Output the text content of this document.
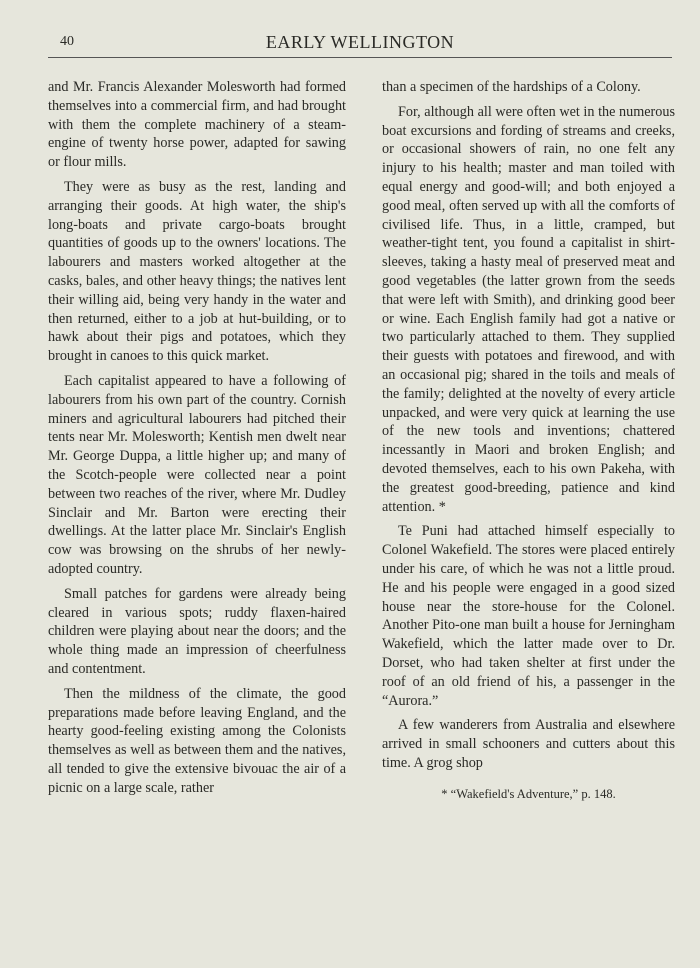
40	EARLY WELLINGTON

and Mr. Francis Alexander Molesworth had formed themselves into a commercial firm, and had brought with them the complete machinery of a steam-engine of twenty horse power, adapted for sawing or flour mills.

They were as busy as the rest, landing and arranging their goods. At high water, the ship's long-boats and private cargo-boats brought quantities of goods up to the owners' locations. The labourers and masters worked altogether at the casks, bales, and other heavy things; the natives lent their willing aid, being very handy in the water and then returned, either to a job at hut-building, or to hawk about their pigs and potatoes, which they brought in canoes to this quick market.

Each capitalist appeared to have a following of labourers from his own part of the country. Cornish miners and agricultural labourers had pitched their tents near Mr. Molesworth; Kentish men dwelt near Mr. George Duppa, a little higher up; and many of the Scotch-people were collected near a point between two reaches of the river, where Mr. Dudley Sinclair and Mr. Barton were erecting their dwellings. At the latter place Mr. Sinclair's English cow was browsing on the shrubs of her newly-adopted country.

Small patches for gardens were already being cleared in various spots; ruddy flaxen-haired children were playing about near the doors; and the whole thing made an impression of cheerfulness and contentment.

Then the mildness of the climate, the good preparations made before leaving England, and the hearty good-feeling existing among the Colonists themselves as well as between them and the natives, all tended to give the extensive bivouac the air of a picnic on a large scale, rather

than a specimen of the hardships of a Colony.

For, although all were often wet in the numerous boat excursions and fording of streams and creeks, or occasional showers of rain, no one felt any injury to his health; master and man toiled with equal energy and good-will; and both enjoyed a good meal, often served up with all the comforts of civilised life. Thus, in a little, cramped, but weather-tight tent, you found a capitalist in shirt-sleeves, taking a hasty meal of preserved meat and good vegetables (the latter grown from the seeds that were left with Smith), and drinking good beer or wine. Each English family had got a native or two particularly attached to them. They supplied their guests with potatoes and firewood, and with an occasional pig; shared in the toils and meals of the family; delighted at the novelty of every article unpacked, and were very quick at learning the use of the new tools and inventions; chattered incessantly in Maori and broken English; and devoted themselves, each to his own Pakeha, with the greatest good-breeding, patience and kind attention. *

Te Puni had attached himself especially to Colonel Wakefield. The stores were placed entirely under his care, of which he was not a little proud. He and his people were engaged in a good sized house near the store-house for the Colonel. Another Pito-one man built a house for Jerningham Wakefield, which the latter made over to Dr. Dorset, who had taken shelter at first under the roof of an old friend of his, a passenger in the “Aurora.”

A few wanderers from Australia and elsewhere arrived in small schooners and cutters about this time. A grog shop

* “Wakefield's Adventure,” p. 148.
